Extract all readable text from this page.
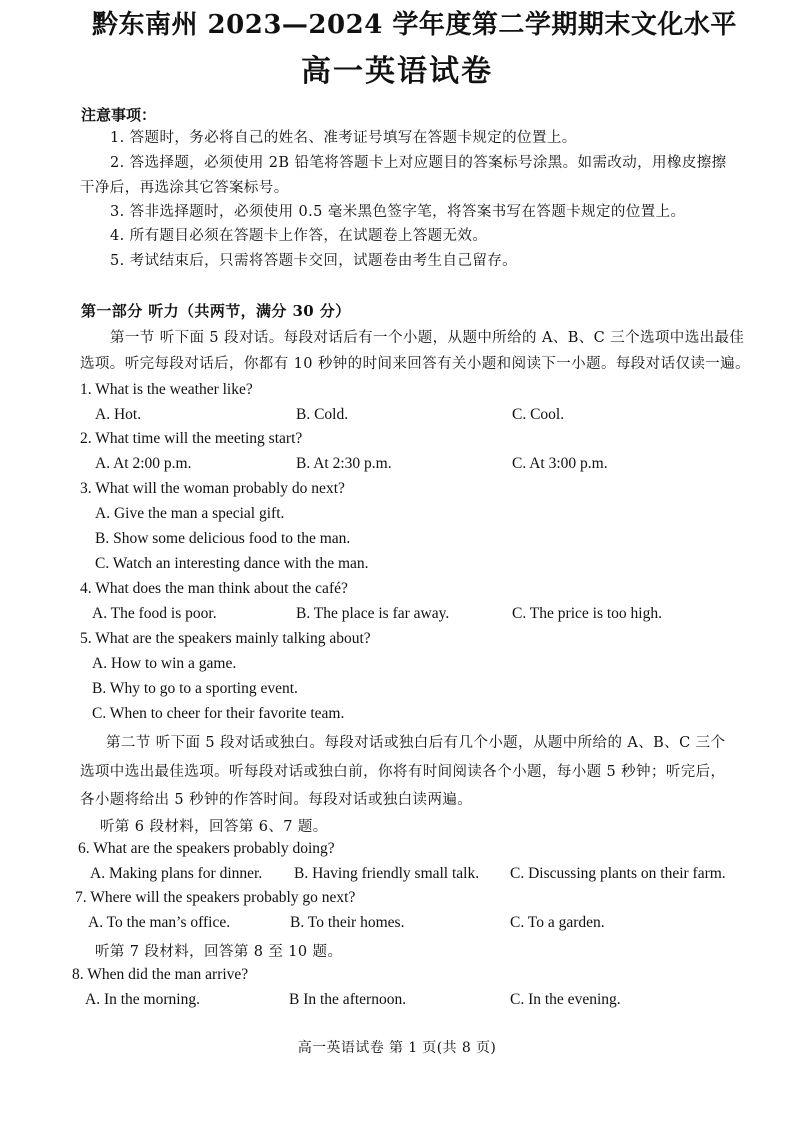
黔东南州 2023—2024 学年度第二学期期末文化水平
高一英语试卷
注意事项：
1. 答题时，务必将自己的姓名、准考证号填写在答题卡规定的位置上。
2. 答选择题，必须使用 2B 铅笔将答题卡上对应题目的答案标号涂黑。如需改动，用橡皮擦擦
干净后，再选涂其它答案标号。
3. 答非选择题时，必须使用 0.5 毫米黑色签字笔，将答案书写在答题卡规定的位置上。
4. 所有题目必须在答题卡上作答，在试题卷上答题无效。
5. 考试结束后，只需将答题卡交回，试题卷由考生自己留存。
第一部分 听力（共两节，满分 30 分）
第一节 听下面 5 段对话。每段对话后有一个小题，从题中所给的 A、B、C 三个选项中选出最佳
选项。听完每段对话后，你都有 10 秒钟的时间来回答有关小题和阅读下一小题。每段对话仅读一遍。
1. What is the weather like?
A. Hot.	B. Cold.	C. Cool.
2. What time will the meeting start?
A. At 2:00 p.m.	B. At 2:30 p.m.	C. At 3:00 p.m.
3. What will the woman probably do next?
A. Give the man a special gift.
B. Show some delicious food to the man.
C. Watch an interesting dance with the man.
4. What does the man think about the café?
A. The food is poor.	B. The place is far away.	C. The price is too high.
5. What are the speakers mainly talking about?
A. How to win a game.
B. Why to go to a sporting event.
C. When to cheer for their favorite team.
第二节 听下面 5 段对话或独白。每段对话或独白后有几个小题，从题中所给的 A、B、C 三个
选项中选出最佳选项。听每段对话或独白前，你将有时间阅读各个小题，每小题 5 秒钟；听完后，
各小题将给出 5 秒钟的作答时间。每段对话或独白读两遍。
听第 6 段材料，回答第 6、7 题。
6. What are the speakers probably doing?
A. Making plans for dinner. B. Having friendly small talk. C. Discussing plants on their farm.
7. Where will the speakers probably go next?
A. To the man’s office.	B. To their homes.	C. To a garden.
听第 7 段材料，回答第 8 至 10 题。
8. When did the man arrive?
A. In the morning.	B In the afternoon.	C. In the evening.
高一英语试卷 第 1 页(共 8 页)
